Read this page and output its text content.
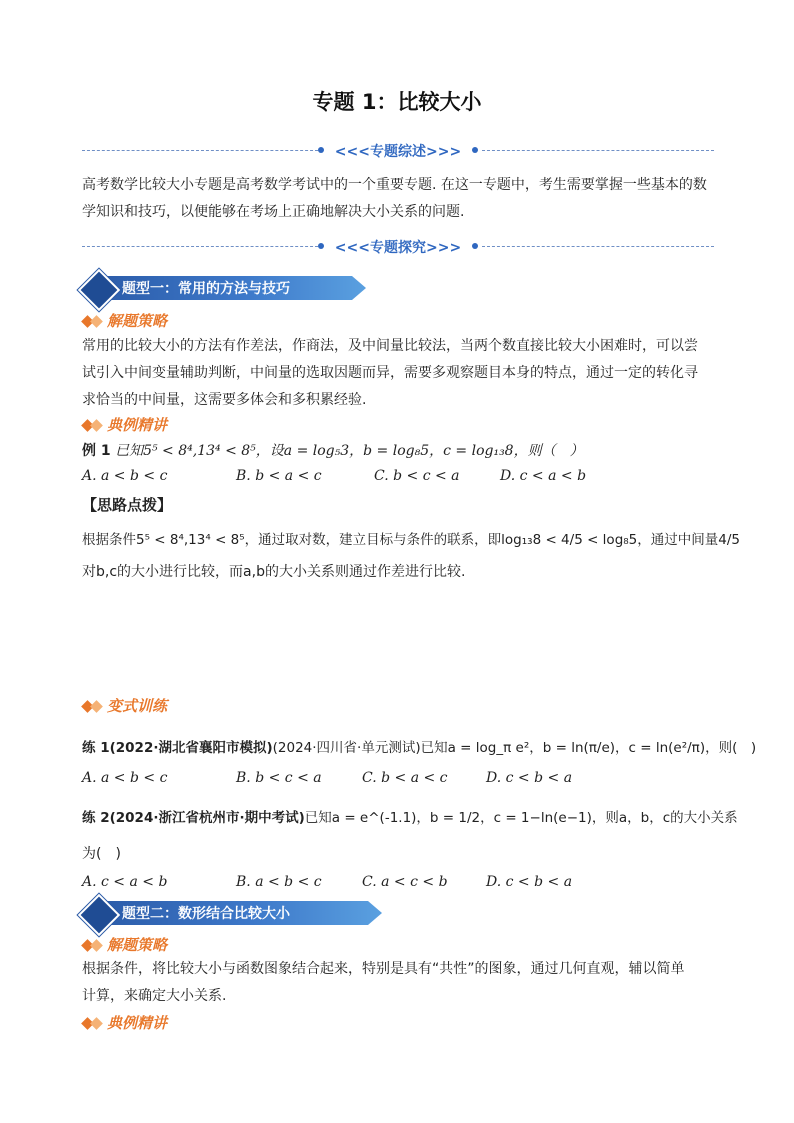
专题 1：比较大小
<<<专题综述>>>
高考数学比较大小专题是高考数学考试中的一个重要专题. 在这一专题中，考生需要掌握一些基本的数
学知识和技巧，以便能够在考场上正确地解决大小关系的问题.
<<<专题探究>>>
题型一：常用的方法与技巧
解题策略
常用的比较大小的方法有作差法，作商法，及中间量比较法，当两个数直接比较大小困难时，可以尝
试引入中间变量辅助判断，中间量的选取因题而异，需要多观察题目本身的特点，通过一定的转化寻
求恰当的中间量，这需要多体会和多积累经验.
典例精讲
例 1 已知5⁵ < 8⁴,13⁴ < 8⁵，设a = log₅3，b = log₈5，c = log₁₃8，则（　）
A. a < b < c	B. b < a < c	C. b < c < a	D. c < a < b
【思路点拨】
根据条件5⁵ < 8⁴,13⁴ < 8⁵，通过取对数，建立目标与条件的联系，即log₁₃8 < 4/5 < log₈5，通过中间量4/5
对b,c的大小进行比较，而a,b的大小关系则通过作差进行比较.
变式训练
练 1(2022·湖北省襄阳市模拟)(2024·四川省·单元测试)已知a = log_π e²，b = ln(π/e)，c = ln(e²/π)，则(　)
A. a < b < c	B. b < c < a	C. b < a < c	D. c < b < a
练 2(2024·浙江省杭州市·期中考试)已知a = e^(-1.1)，b = 1/2，c = 1−ln(e−1)，则a，b，c的大小关系
为(　)
A. c < a < b	B. a < b < c	C. a < c < b	D. c < b < a
题型二：数形结合比较大小
解题策略
根据条件，将比较大小与函数图象结合起来，特别是具有“共性”的图象，通过几何直观，辅以简单
计算，来确定大小关系.
典例精讲
